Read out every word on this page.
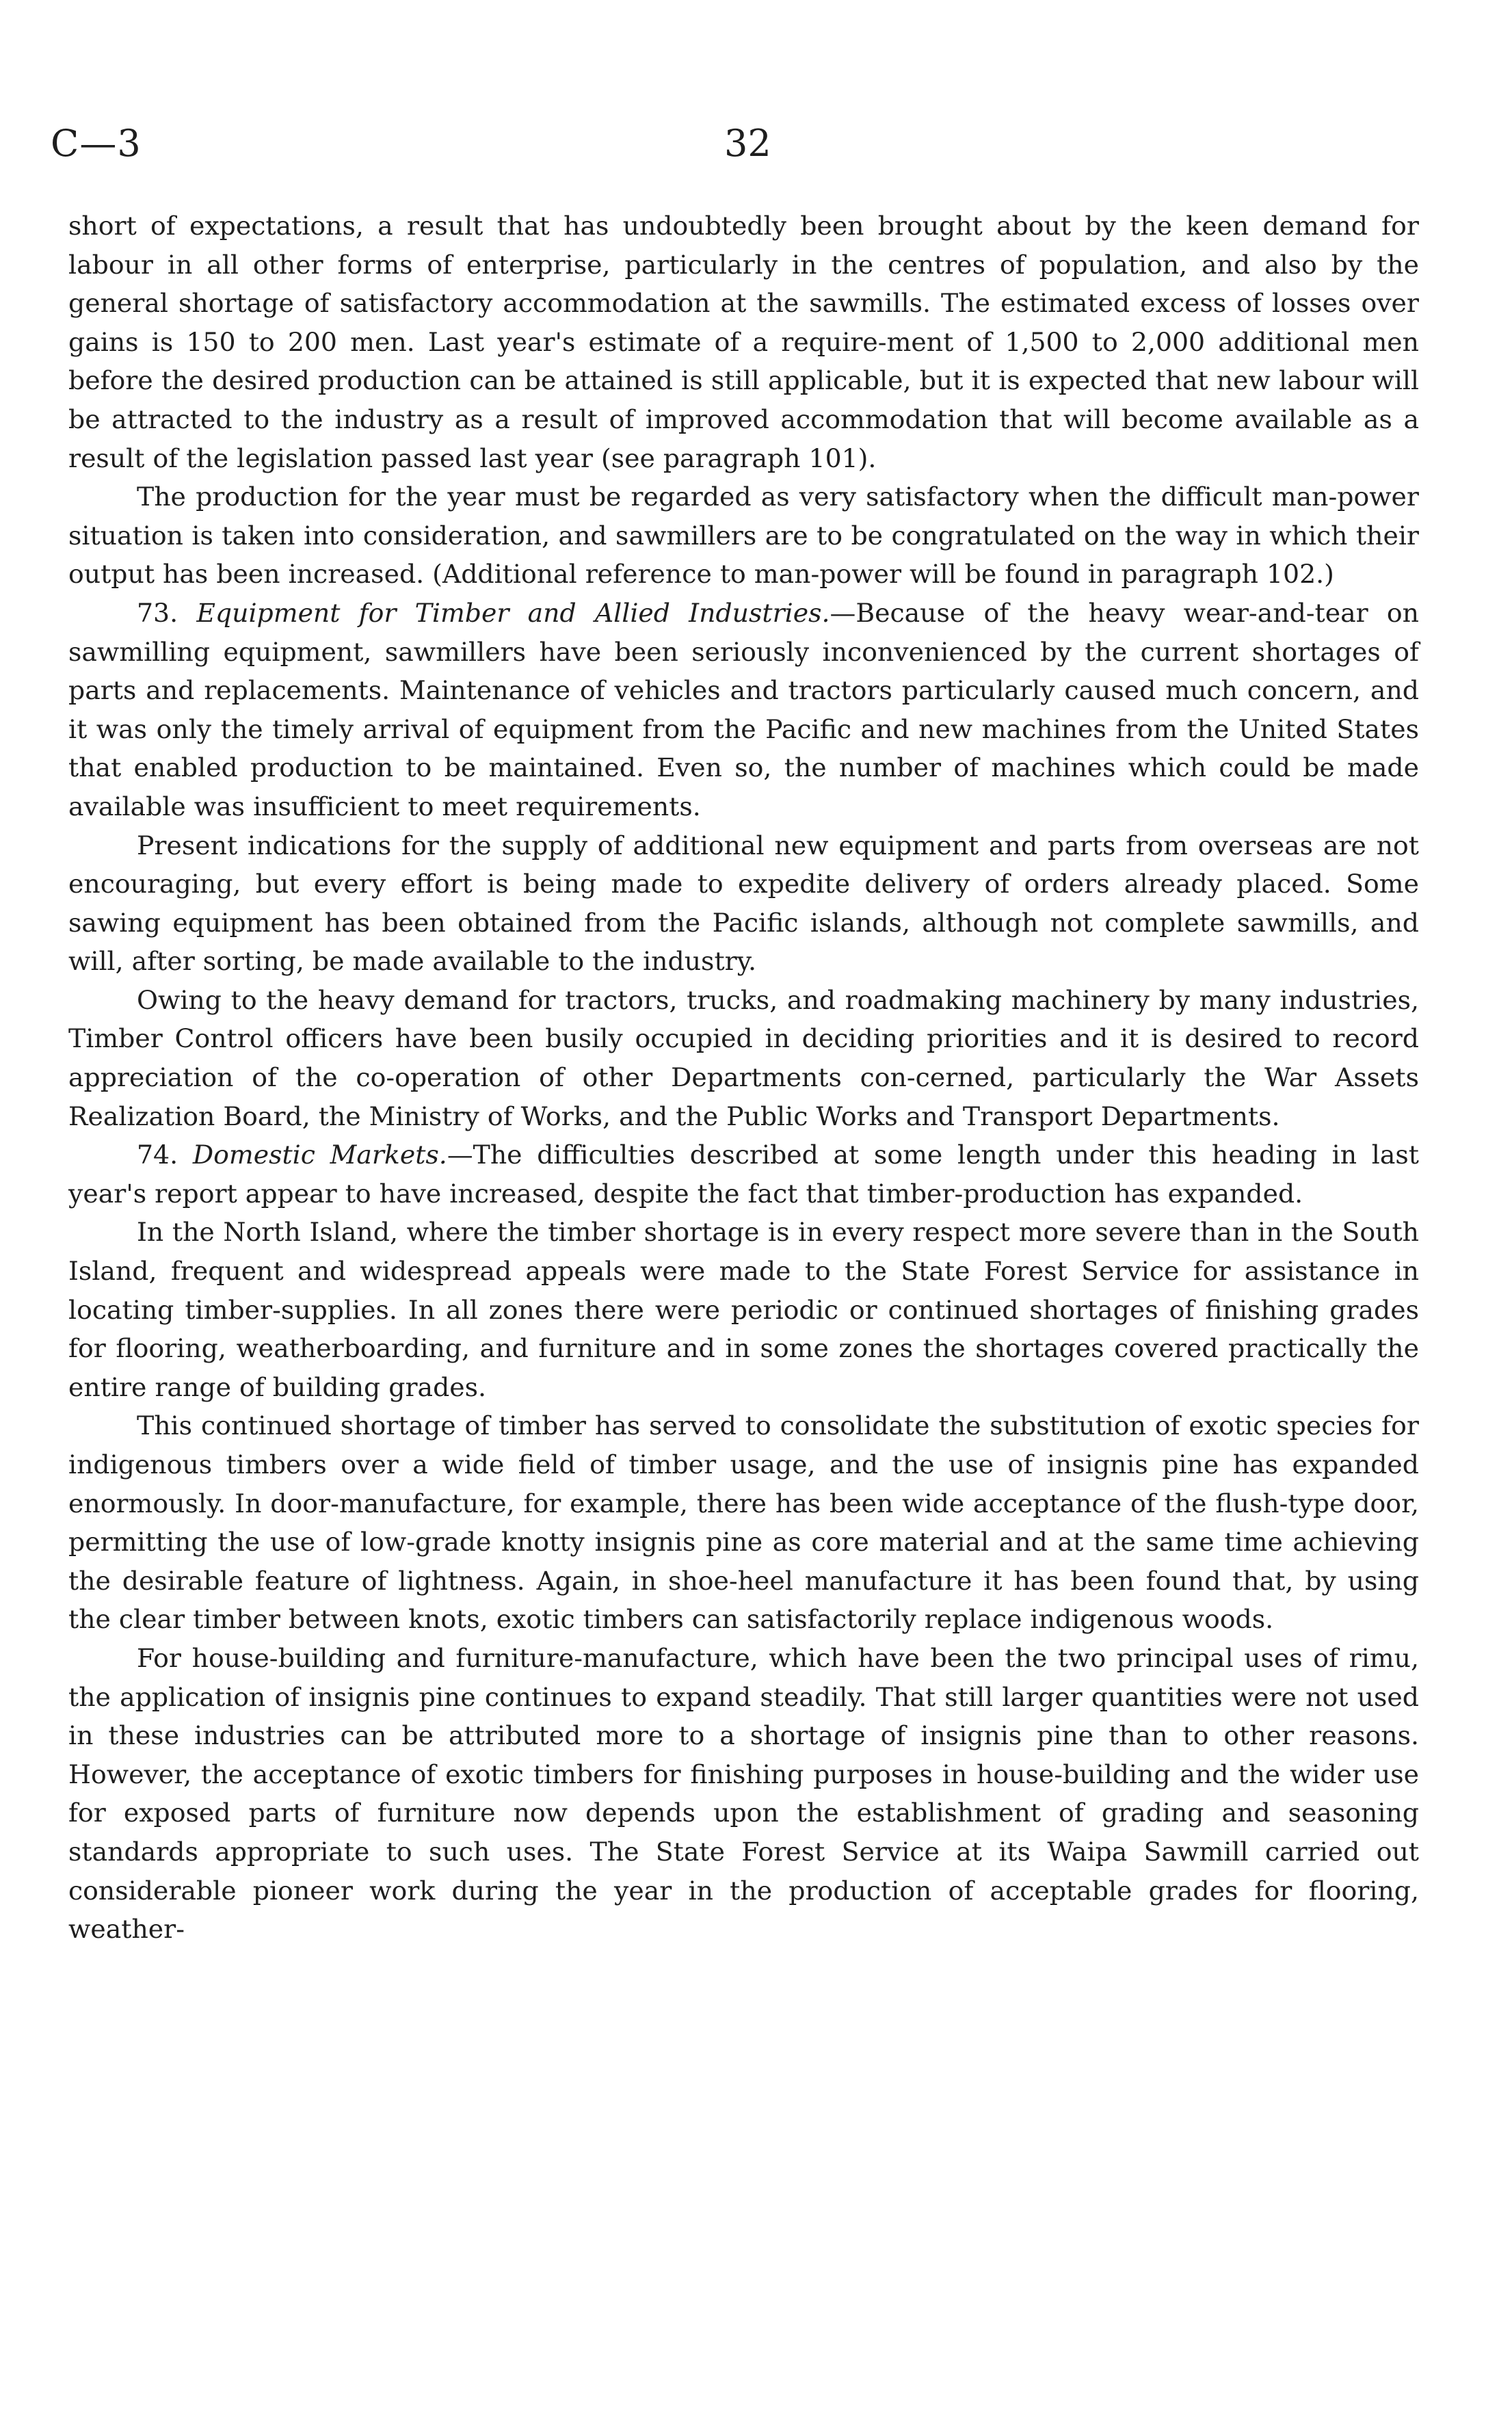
C—3	32

short of expectations, a result that has undoubtedly been brought about by the keen demand for labour in all other forms of enterprise, particularly in the centres of population, and also by the general shortage of satisfactory accommodation at the sawmills. The estimated excess of losses over gains is 150 to 200 men. Last year's estimate of a require-ment of 1,500 to 2,000 additional men before the desired production can be attained is still applicable, but it is expected that new labour will be attracted to the industry as a result of improved accommodation that will become available as a result of the legislation passed last year (see paragraph 101).

The production for the year must be regarded as very satisfactory when the difficult man-power situation is taken into consideration, and sawmillers are to be congratulated on the way in which their output has been increased. (Additional reference to man-power will be found in paragraph 102.)

73. Equipment for Timber and Allied Industries.—Because of the heavy wear-and-tear on sawmilling equipment, sawmillers have been seriously inconvenienced by the current shortages of parts and replacements. Maintenance of vehicles and tractors particularly caused much concern, and it was only the timely arrival of equipment from the Pacific and new machines from the United States that enabled production to be maintained. Even so, the number of machines which could be made available was insufficient to meet requirements.

Present indications for the supply of additional new equipment and parts from overseas are not encouraging, but every effort is being made to expedite delivery of orders already placed. Some sawing equipment has been obtained from the Pacific islands, although not complete sawmills, and will, after sorting, be made available to the industry.

Owing to the heavy demand for tractors, trucks, and roadmaking machinery by many industries, Timber Control officers have been busily occupied in deciding priorities and it is desired to record appreciation of the co-operation of other Departments con-cerned, particularly the War Assets Realization Board, the Ministry of Works, and the Public Works and Transport Departments.

74. Domestic Markets.—The difficulties described at some length under this heading in last year's report appear to have increased, despite the fact that timber-production has expanded.

In the North Island, where the timber shortage is in every respect more severe than in the South Island, frequent and widespread appeals were made to the State Forest Service for assistance in locating timber-supplies. In all zones there were periodic or continued shortages of finishing grades for flooring, weatherboarding, and furniture and in some zones the shortages covered practically the entire range of building grades.

This continued shortage of timber has served to consolidate the substitution of exotic species for indigenous timbers over a wide field of timber usage, and the use of insignis pine has expanded enormously. In door-manufacture, for example, there has been wide acceptance of the flush-type door, permitting the use of low-grade knotty insignis pine as core material and at the same time achieving the desirable feature of lightness. Again, in shoe-heel manufacture it has been found that, by using the clear timber between knots, exotic timbers can satisfactorily replace indigenous woods.

For house-building and furniture-manufacture, which have been the two principal uses of rimu, the application of insignis pine continues to expand steadily. That still larger quantities were not used in these industries can be attributed more to a shortage of insignis pine than to other reasons. However, the acceptance of exotic timbers for finishing purposes in house-building and the wider use for exposed parts of furniture now depends upon the establishment of grading and seasoning standards appropriate to such uses. The State Forest Service at its Waipa Sawmill carried out considerable pioneer work during the year in the production of acceptable grades for flooring, weather-
